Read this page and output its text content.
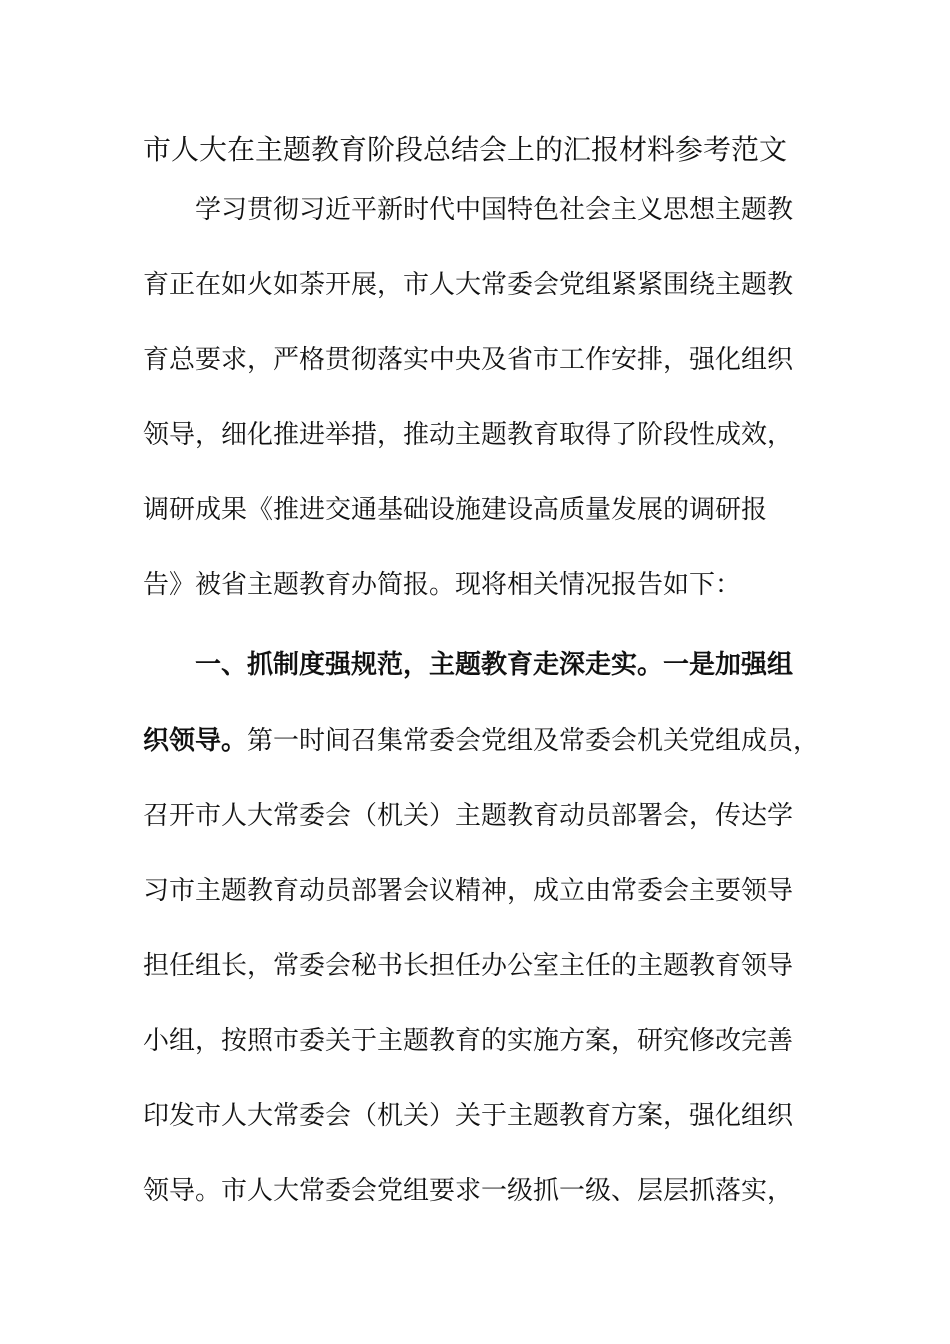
市人大在主题教育阶段总结会上的汇报材料参考范文
学习贯彻习近平新时代中国特色社会主义思想主题教
育正在如火如荼开展，市人大常委会党组紧紧围绕主题教
育总要求，严格贯彻落实中央及省市工作安排，强化组织
领导，细化推进举措，推动主题教育取得了阶段性成效，
调研成果《推进交通基础设施建设高质量发展的调研报
告》被省主题教育办简报。现将相关情况报告如下：
一、抓制度强规范，主题教育走深走实。一是加强组
织领导。第一时间召集常委会党组及常委会机关党组成员，
召开市人大常委会（机关）主题教育动员部署会，传达学
习市主题教育动员部署会议精神，成立由常委会主要领导
担任组长，常委会秘书长担任办公室主任的主题教育领导
小组，按照市委关于主题教育的实施方案，研究修改完善
印发市人大常委会（机关）关于主题教育方案，强化组织
领导。市人大常委会党组要求一级抓一级、层层抓落实，
